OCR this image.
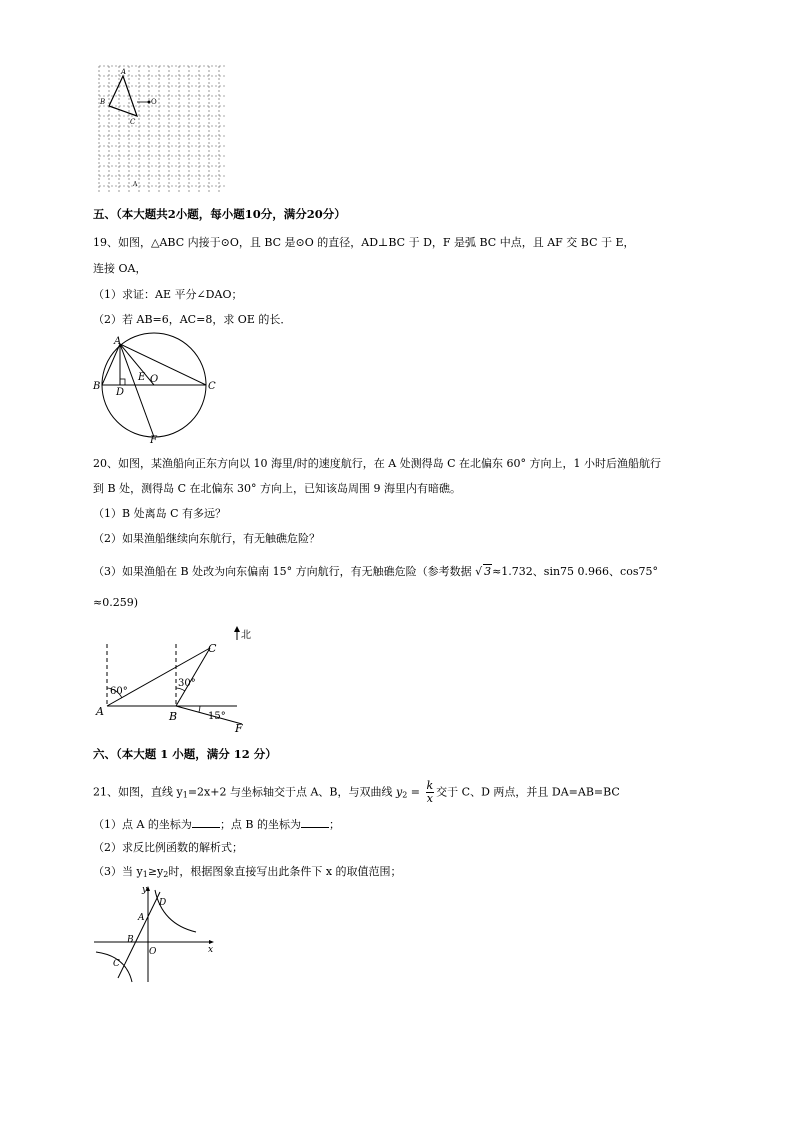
A
B
C
O
A
五、（本大题共2小题，每小题10分，满分20分）
19、如图，△ABC 内接于⊙O，且 BC 是⊙O 的直径，AD⊥BC 于 D，F 是弧 BC 中点，且 AF 交 BC 于 E，
连接 OA，
（1）求证：AE 平分∠DAO；
（2）若 AB=6，AC=8，求 OE 的长．
A
B	C
D
E O
F
20、如图，某渔船向正东方向以 10 海里/时的速度航行，在 A 处测得岛 C 在北偏东 60° 方向上，1 小时后渔船航行
到 B 处，测得岛 C 在北偏东 30° 方向上，已知该岛周围 9 海里内有暗礁。
（1）B 处离岛 C 有多远？
（2）如果渔船继续向东航行，有无触礁危险？
（3）如果渔船在 B 处改为向东偏南 15° 方向航行，有无触礁危险（参考数据 √ 3≈1.732、sin75 0.966、cos75°
≈0.259)
北
60°
30°
15°
A	B
C
F
六、（本大题 1 小题，满分 12 分）
21、如图，直线 $y_1=2x+2$ 与坐标轴交于点 A、B，与双曲线 $y_2 = \frac{k}{x}$ 交于 C、D 两点，并且 DA=AB=BC
（1）点 A 的坐标为	；点 B 的坐标为	；
（2）求反比例函数的解析式；
（3）当 $y_1\ge y_2$时，根据图象直接写出此条件下 x 的取值范围；
y
x
O
A
B
C
D
